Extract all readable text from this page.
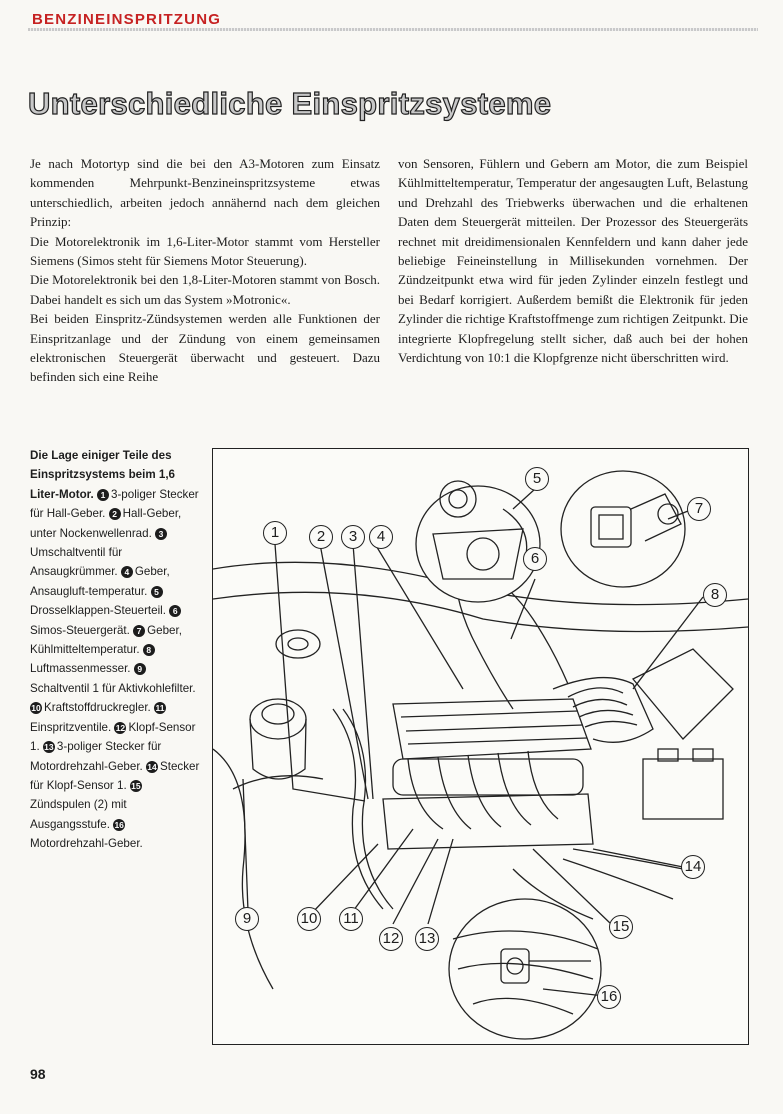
BENZINEINSPRITZUNG
Unterschiedliche Einspritzsysteme

Je nach Motortyp sind die bei den A3-Motoren zum Einsatz kommenden Mehrpunkt-Benzineinspritzsysteme etwas unterschiedlich, arbeiten jedoch annähernd nach dem gleichen Prinzip:

Die Motorelektronik im 1,6-Liter-Motor stammt vom Hersteller Siemens (Simos steht für Siemens Motor Steuerung).

Die Motorelektronik bei den 1,8-Liter-Motoren stammt von Bosch. Dabei handelt es sich um das System »Motronic«.

Bei beiden Einspritz-Zündsystemen werden alle Funktionen der Einspritzanlage und der Zündung von einem gemeinsamen elektronischen Steuergerät überwacht und gesteuert. Dazu befinden sich eine Reihe

von Sensoren, Fühlern und Gebern am Motor, die zum Beispiel Kühlmitteltemperatur, Temperatur der angesaugten Luft, Belastung und Drehzahl des Triebwerks überwachen und die erhaltenen Daten dem Steuergerät mitteilen. Der Prozessor des Steuergeräts rechnet mit dreidimensionalen Kennfeldern und kann daher jede beliebige Feineinstellung in Millisekunden vornehmen. Der Zündzeitpunkt etwa wird für jeden Zylinder einzeln festlegt und bei Bedarf korrigiert. Außerdem bemißt die Elektronik für jeden Zylinder die richtige Kraftstoffmenge zum richtigen Zeitpunkt. Die integrierte Klopfregelung stellt sicher, daß auch bei der hohen Verdichtung von 10:1 die Klopfgrenze nicht überschritten wird.

Die Lage einiger Teile des Einspritzsystems beim 1,6 Liter-Motor. 1 3-poliger Stecker für Hall-Geber. 2 Hall-Geber, unter Nockenwellenrad. 3Umschaltventil für Ansaugkrümmer. 4 Geber, Ansaugluft-temperatur. 5Drosselklappen-Steuerteil. 6Simos-Steuergerät. 7 Geber, Kühlmitteltemperatur. 8Luftmassenmesser. 9Schaltventil 1 für Aktivkohlefilter. 10 Kraftstoffdruckregler. 11Einspritzventile. 12 Klopf-Sensor 1. 13 3-poliger Stecker für Motordrehzahl-Geber. 14 Stecker für Klopf-Sensor 1. 15Zündspulen (2) mit Ausgangsstufe. 16Motordrehzahl-Geber.
1	2	3	4
5
6
7
8
9	10 11
12 13
14
15
16
98
